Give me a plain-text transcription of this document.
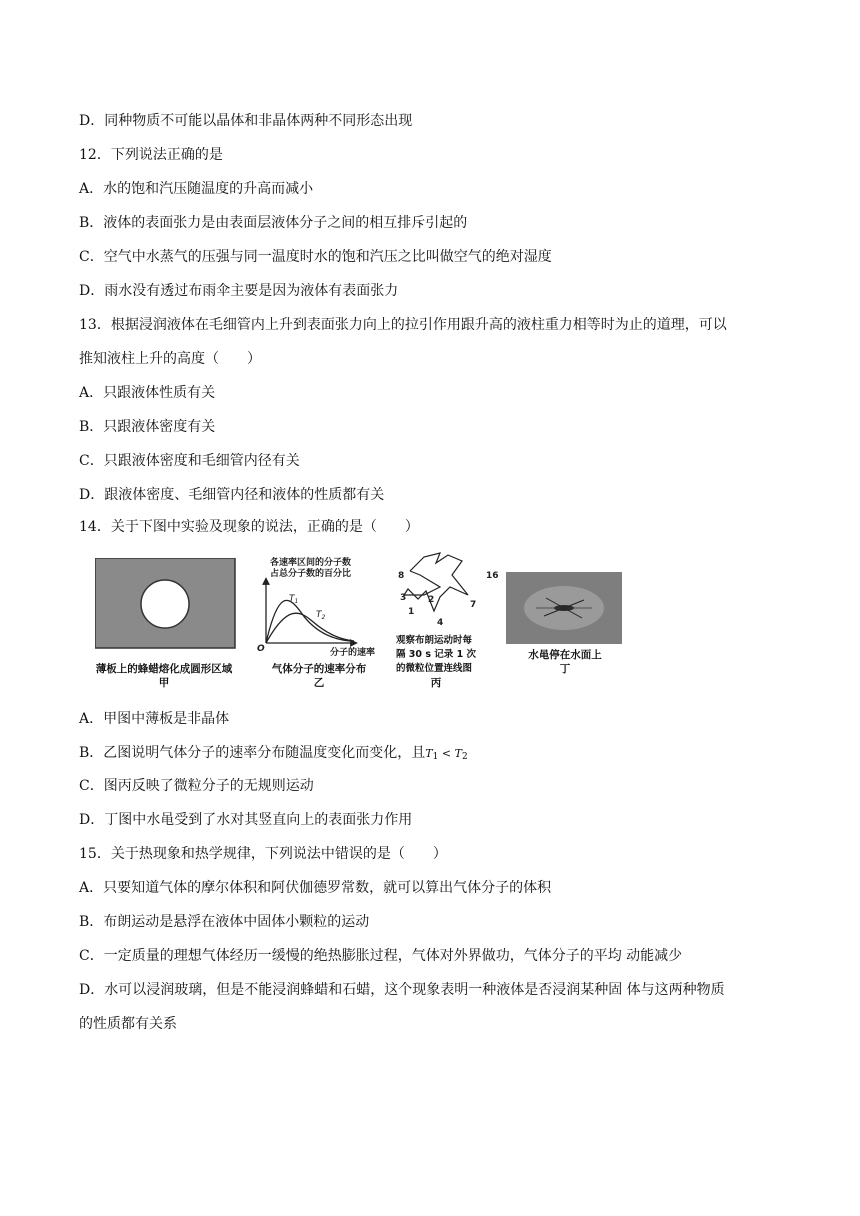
D．同种物质不可能以晶体和非晶体两种不同形态出现
12．下列说法正确的是
A．水的饱和汽压随温度的升高而减小
B．液体的表面张力是由表面层液体分子之间的相互排斥引起的
C．空气中水蒸气的压强与同一温度时水的饱和汽压之比叫做空气的绝对湿度
D．雨水没有透过布雨伞主要是因为液体有表面张力
13．根据浸润液体在毛细管内上升到表面张力向上的拉引作用跟升高的液柱重力相等时为止的道理，可以
推知液柱上升的高度（　　）
A．只跟液体性质有关
B．只跟液体密度有关
C．只跟液体密度和毛细管内径有关
D．跟液体密度、毛细管内径和液体的性质都有关
14．关于下图中实验及现象的说法，正确的是（　　）
薄板上的蜂蜡熔化成圆形区域
甲
各速率区间的分子数
占总分子数的百分比
$T_1$
$T_2$
O	分子的速率
气体分子的速率分布
乙
8	16
3 2
1
7
4
观察布朗运动时每
隔 30 s 记录 1 次
的微粒位置连线图
丙
水黾停在水面上
丁
A．甲图中薄板是非晶体
B．乙图说明气体分子的速率分布随温度变化而变化，且$T_1 < T_2$
C．图丙反映了微粒分子的无规则运动
D．丁图中水黾受到了水对其竖直向上的表面张力作用
15．关于热现象和热学规律，下列说法中错误的是（　　）
A．只要知道气体的摩尔体积和阿伏伽德罗常数，就可以算出气体分子的体积
B．布朗运动是悬浮在液体中固体小颗粒的运动
C．一定质量的理想气体经历一缓慢的绝热膨胀过程，气体对外界做功，气体分子的平均 动能减少
D．水可以浸润玻璃，但是不能浸润蜂蜡和石蜡，这个现象表明一种液体是否浸润某种固 体与这两种物质
的性质都有关系
